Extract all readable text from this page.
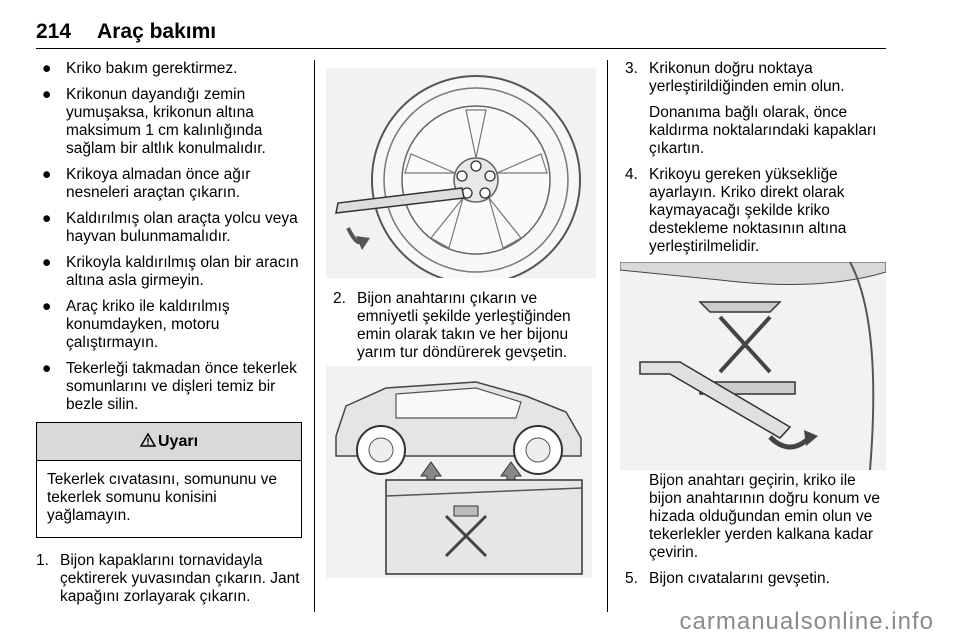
214 Araç bakımı
● Kriko bakım gerektirmez.
● Krikonun dayandığı zemin yumuşaksa, krikonun altına maksimum 1 cm kalınlığında sağlam bir altlık konulmalıdır.
● Krikoya almadan önce ağır nesneleri araçtan çıkarın.
● Kaldırılmış olan araçta yolcu veya hayvan bulunmamalıdır.
● Krikoyla kaldırılmış olan bir aracın altına asla girmeyin.
● Araç kriko ile kaldırılmış konumdayken, motoru çalıştırmayın.
● Tekerleği takmadan önce tekerlek somunlarını ve dişleri temiz bir bezle silin.
Uyarı
Tekerlek cıvatasını, somununu ve tekerlek somunu konisini yağlamayın.
1. Bijon kapaklarını tornavidayla çektirerek yuvasından çıkarın. Jant kapağını zorlayarak çıkarın.

2. Bijon anahtarını çıkarın ve emniyetli şekilde yerleştiğinden emin olarak takın ve her bijonu yarım tur döndürerek gevşetin.

3. Krikonun doğru noktaya yerleştirildiğinden emin olun.

Donanıma bağlı olarak, önce kaldırma noktalarındaki kapakları çıkartın.

4. Krikoyu gereken yüksekliğe ayarlayın. Kriko direkt olarak kaymayacağı şekilde kriko destekleme noktasının altına yerleştirilmelidir.

Bijon anahtarı geçirin, kriko ile bijon anahtarının doğru konum ve hizada olduğundan emin olun ve tekerlekler yerden kalkana kadar çevirin.

5. Bijon cıvatalarını gevşetin.

carmanualsonline.info
